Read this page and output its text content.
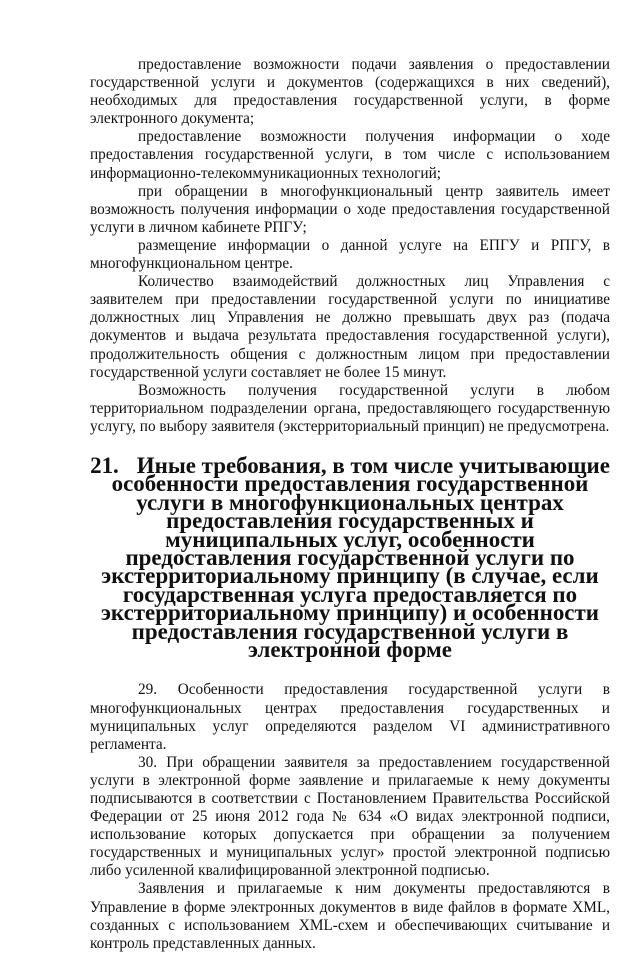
предоставление возможности подачи заявления о предоставлении государственной услуги и документов (содержащихся в них сведений), необходимых для предоставления государственной услуги, в форме электронного документа;

предоставление возможности получения информации о ходе предоставления государственной услуги, в том числе с использованием информационно-телекоммуникационных технологий;

при обращении в многофункциональный центр заявитель имеет возможность получения информации о ходе предоставления государственной услуги в личном кабинете РПГУ;

размещение информации о данной услуге на ЕПГУ и РПГУ, в многофункциональном центре.

Количество взаимодействий должностных лиц Управления с заявителем при предоставлении государственной услуги по инициативе должностных лиц Управления не должно превышать двух раз (подача документов и выдача результата предоставления государственной услуги), продолжительность общения с должностным лицом при предоставлении государственной услуги составляет не более 15 минут.

Возможность получения государственной услуги в любом территориальном подразделении органа, предоставляющего государственную услугу, по выбору заявителя (экстерриториальный принцип) не предусмотрена.

21. Иные требования, в том числе учитывающие особенности предоставления государственной услуги в многофункциональных центрах предоставления государственных и муниципальных услуг, особенности предоставления государственной услуги по экстерриториальному принципу (в случае, если государственная услуга предоставляется по экстерриториальному принципу) и особенности предоставления государственной услуги в электронной форме

29. Особенности предоставления государственной услуги в многофункциональных центрах предоставления государственных и муниципальных услуг определяются разделом VI административного регламента.

30. При обращении заявителя за предоставлением государственной услуги в электронной форме заявление и прилагаемые к нему документы подписываются в соответствии с Постановлением Правительства Российской Федерации от 25 июня 2012 года № 634 «О видах электронной подписи, использование которых допускается при обращении за получением государственных и муниципальных услуг» простой электронной подписью либо усиленной квалифицированной электронной подписью.

Заявления и прилагаемые к ним документы предоставляются в Управление в форме электронных документов в виде файлов в формате XML, созданных с использованием XML-схем и обеспечивающих считывание и контроль представленных данных.
